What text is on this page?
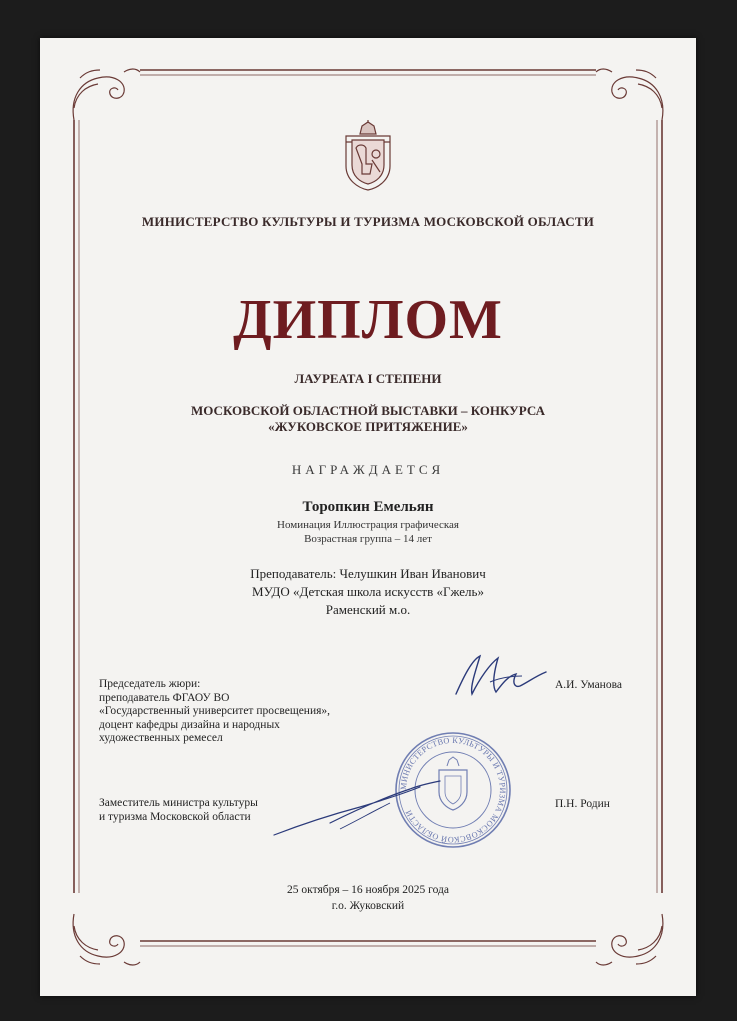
МИНИСТЕРСТВО КУЛЬТУРЫ И ТУРИЗМА МОСКОВСКОЙ ОБЛАСТИ

ДИПЛОМ

ЛАУРЕАТА I СТЕПЕНИ

МОСКОВСКОЙ ОБЛАСТНОЙ ВЫСТАВКИ – КОНКУРСА

«ЖУКОВСКОЕ ПРИТЯЖЕНИЕ»

НАГРАЖДАЕТСЯ

Торопкин Емельян

Номинация Иллюстрация графическая

Возрастная группа – 14 лет

Преподаватель: Челушкин Иван Иванович

МУДО «Детская школа искусств «Гжель»

Раменский м.о.

Председатель жюри:
преподаватель ФГАОУ ВО
«Государственный университет просвещения»,
доцент кафедры дизайна и народных
художественных ремесел

А.И. Уманова

МИНИСТЕРСТВО КУЛЬТУРЫ И ТУРИЗМА МОСКОВСКОЙ ОБЛАСТИ

Заместитель министра культуры
и туризма Московской области

П.Н. Родин

25 октября – 16 ноября 2025 года

г.о. Жуковский
